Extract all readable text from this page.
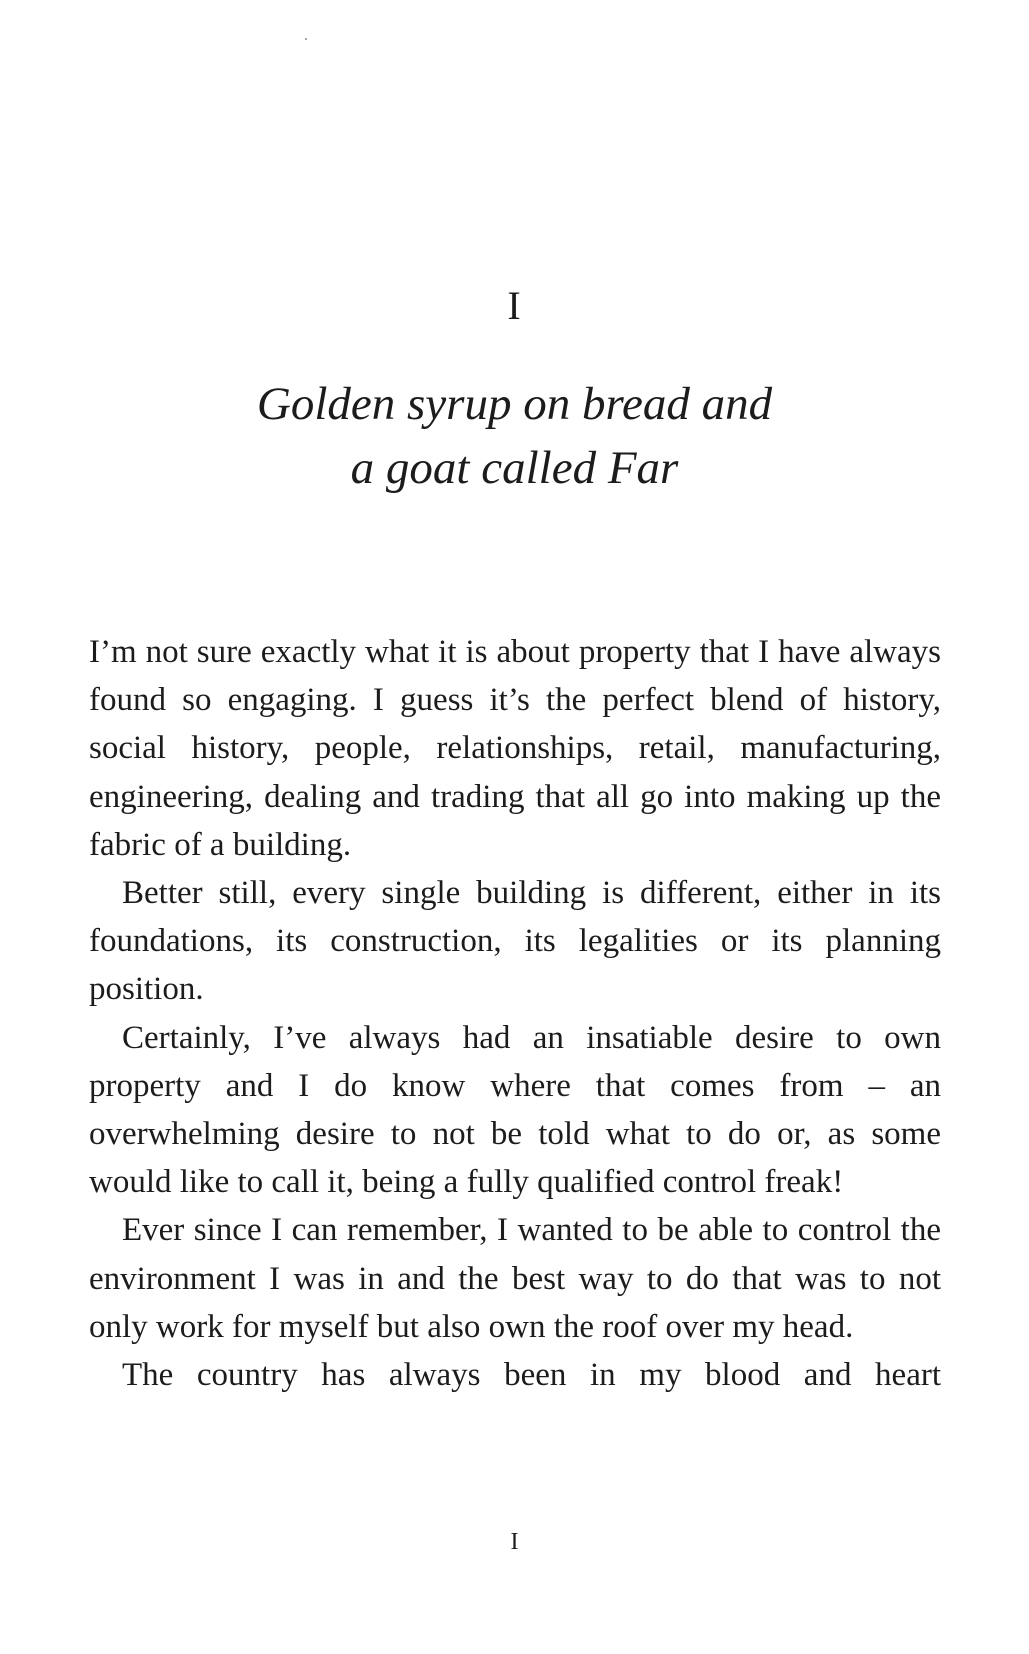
I
Golden syrup on bread and
a goat called Far

I’m not sure exactly what it is about property that I have always found so engaging. I guess it’s the perfect blend of history, social history, people, relationships, retail, manufacturing, engineering, dealing and trading that all go into making up the fabric of a building.

Better still, every single building is different, either in its foundations, its construction, its legalities or its planning position.

Certainly, I’ve always had an insatiable desire to own property and I do know where that comes from – an overwhelming desire to not be told what to do or, as some would like to call it, being a fully qualified control freak!

Ever since I can remember, I wanted to be able to control the environment I was in and the best way to do that was to not only work for myself but also own the roof over my head.

The country has always been in my blood and heart

I
